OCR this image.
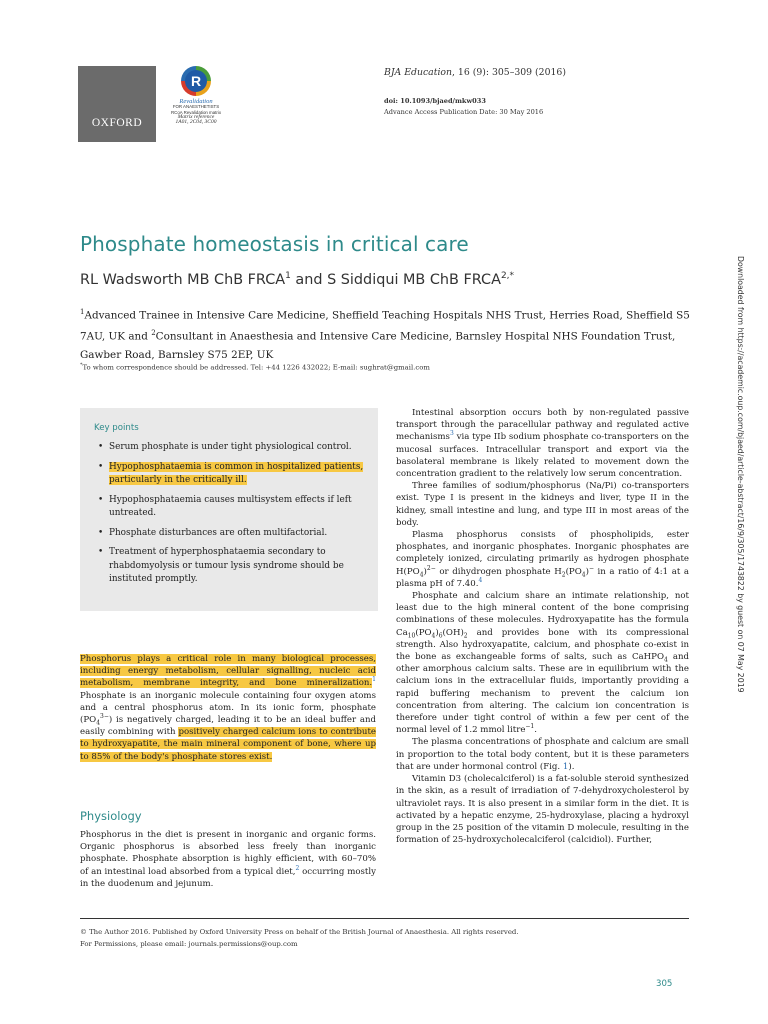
OXFORD
R
Revalidation
FOR ANAESTHETISTS
RCoA Revalidation matrix
Matrix reference
1A01, 2C04, 3C00
BJA Education, 16 (9): 305–309 (2016)
doi: 10.1093/bjaed/mkw033
Advance Access Publication Date: 30 May 2016
Phosphate homeostasis in critical care
RL Wadsworth MB ChB FRCA$^1$ and S Siddiqui MB ChB $FRCA^{2,*}$
$^1$Advanced Trainee in Intensive Care Medicine, Sheffield Teaching Hospitals NHS Trust, Herries Road, Sheffield S5 7AU, UK and $^2$Consultant in Anaesthesia and Intensive Care Medicine, Barnsley Hospital NHS Foundation Trust, Gawber Road, Barnsley S75 2EP, UK
*To whom correspondence should be addressed. Tel: +44 1226 432022; E-mail: sughrat@gmail.com
Key points
• Serum phosphate is under tight physiological control.
• Hypophosphataemia is common in hospitalized patients, particularly in the critically ill.
• Hypophosphataemia causes multisystem effects if left untreated.
• Phosphate disturbances are often multifactorial.
• Treatment of hyperphosphataemia secondary to rhabdomyolysis or tumour lysis syndrome should be instituted promptly.

Phosphorus plays a critical role in many biological processes, including energy metabolism, cellular signalling, nucleic acid metabolism, membrane integrity, and bone mineralization.$^1$ Phosphate is an inorganic molecule containing four oxygen atoms and a central phosphorus atom. In its ionic form, phosphate $(PO_4^{3-})$ is negatively charged, leading it to be an ideal buffer and easily combining with positively charged calcium ions to contribute to hydroxyapatite, the main mineral component of bone, where up to 85% of the body's phosphate stores exist.

Physiology

Phosphorus in the diet is present in inorganic and organic forms. Organic phosphorus is absorbed less freely than inorganic phosphate. Phosphate absorption is highly efficient, with 60–70% of an intestinal load absorbed from a typical diet,$^2$ occurring mostly in the duodenum and jejunum.

Intestinal absorption occurs both by non-regulated passive transport through the paracellular pathway and regulated active mechanisms$^3$ via type IIb sodium phosphate co-transporters on the mucosal surfaces. Intracellular transport and export via the basolateral membrane is likely related to movement down the concentration gradient to the relatively low serum concentration.

Three families of sodium/phosphorus (Na/Pi) co-transporters exist. Type I is present in the kidneys and liver, type II in the kidney, small intestine and lung, and type III in most areas of the body.

Plasma phosphorus consists of phospholipids, ester phosphates, and inorganic phosphates. Inorganic phosphates are completely ionized, circulating primarily as hydrogen phosphate $H(PO_4)^{2-}$ or dihydrogen phosphate $H_2(PO_4)^-$ in a ratio of 4:1 at a plasma pH of 7.40.$^4$

Phosphate and calcium share an intimate relationship, not least due to the high mineral content of the bone comprising combinations of these molecules. Hydroxyapatite has the formula $Ca_{10}(PO_4)_6(OH)_2$ and provides bone with its compressional strength. Also hydroxyapatite, calcium, and phosphate co-exist in the bone as exchangeable forms of salts, such as CaHPO$_4$ and other amorphous calcium salts. These are in equilibrium with the calcium ions in the extracellular fluids, importantly providing a rapid buffering mechanism to prevent the calcium ion concentration from altering. The calcium ion concentration is therefore under tight control of within a few per cent of the normal level of 1.2 mmol litre$^{-1}$.

The plasma concentrations of phosphate and calcium are small in proportion to the total body content, but it is these parameters that are under hormonal control (Fig. 1).

Vitamin D3 (cholecalciferol) is a fat-soluble steroid synthesized in the skin, as a result of irradiation of 7-dehydroxycholesterol by ultraviolet rays. It is also present in a similar form in the diet. It is activated by a hepatic enzyme, 25-hydroxylase, placing a hydroxyl group in the 25 position of the vitamin D molecule, resulting in the formation of 25-hydroxycholecalciferol (calcidiol). Further,

Downloaded from https://academic.oup.com/bjaed/article-abstract/16/9/305/1743822 by guest on 07 May 2019
© The Author 2016. Published by Oxford University Press on behalf of the British Journal of Anaesthesia. All rights reserved.
For Permissions, please email: journals.permissions@oup.com
305
